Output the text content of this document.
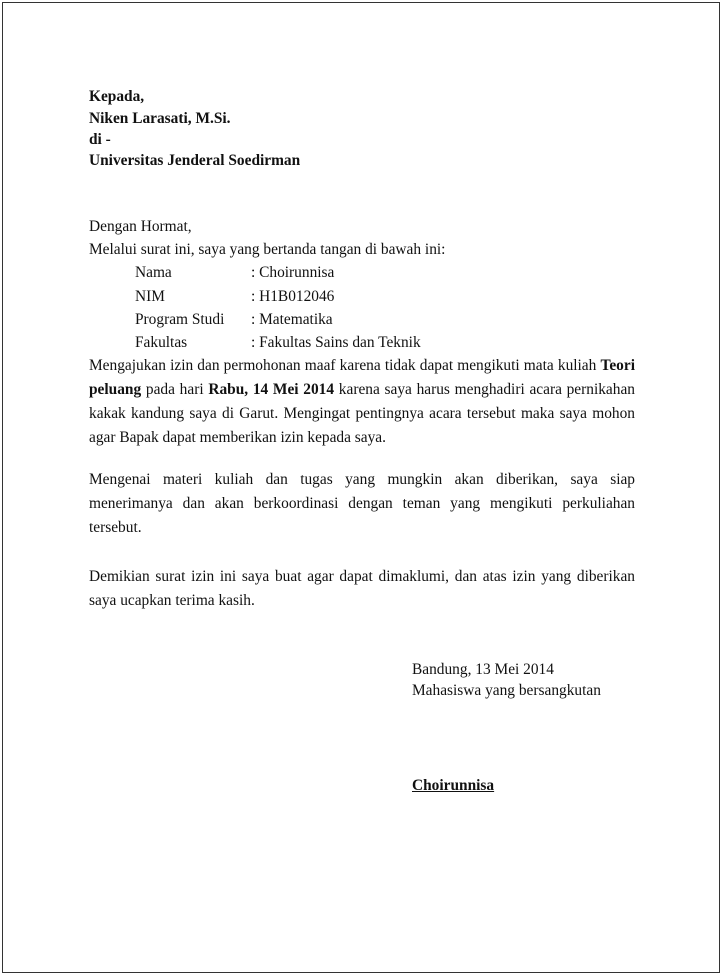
Kepada,
Niken Larasati, M.Si.
di -
Universitas Jenderal Soedirman
Dengan Hormat,
Melalui surat ini, saya yang bertanda tangan di bawah ini:
Nama	: Choirunnisa
NIM	: H1B012046
Program Studi : Matematika
Fakultas	: Fakultas Sains dan Teknik
Mengajukan izin dan permohonan maaf karena tidak dapat mengikuti mata kuliah Teori peluang pada hari Rabu, 14 Mei 2014 karena saya harus menghadiri acara pernikahan kakak kandung saya di Garut. Mengingat pentingnya acara tersebut maka saya mohon agar Bapak dapat memberikan izin kepada saya.
Mengenai materi kuliah dan tugas yang mungkin akan diberikan, saya siap menerimanya dan akan berkoordinasi dengan teman yang mengikuti perkuliahan tersebut.
Demikian surat izin ini saya buat agar dapat dimaklumi, dan atas izin yang diberikan saya ucapkan terima kasih.
Bandung, 13 Mei 2014
Mahasiswa yang bersangkutan
Choirunnisa
